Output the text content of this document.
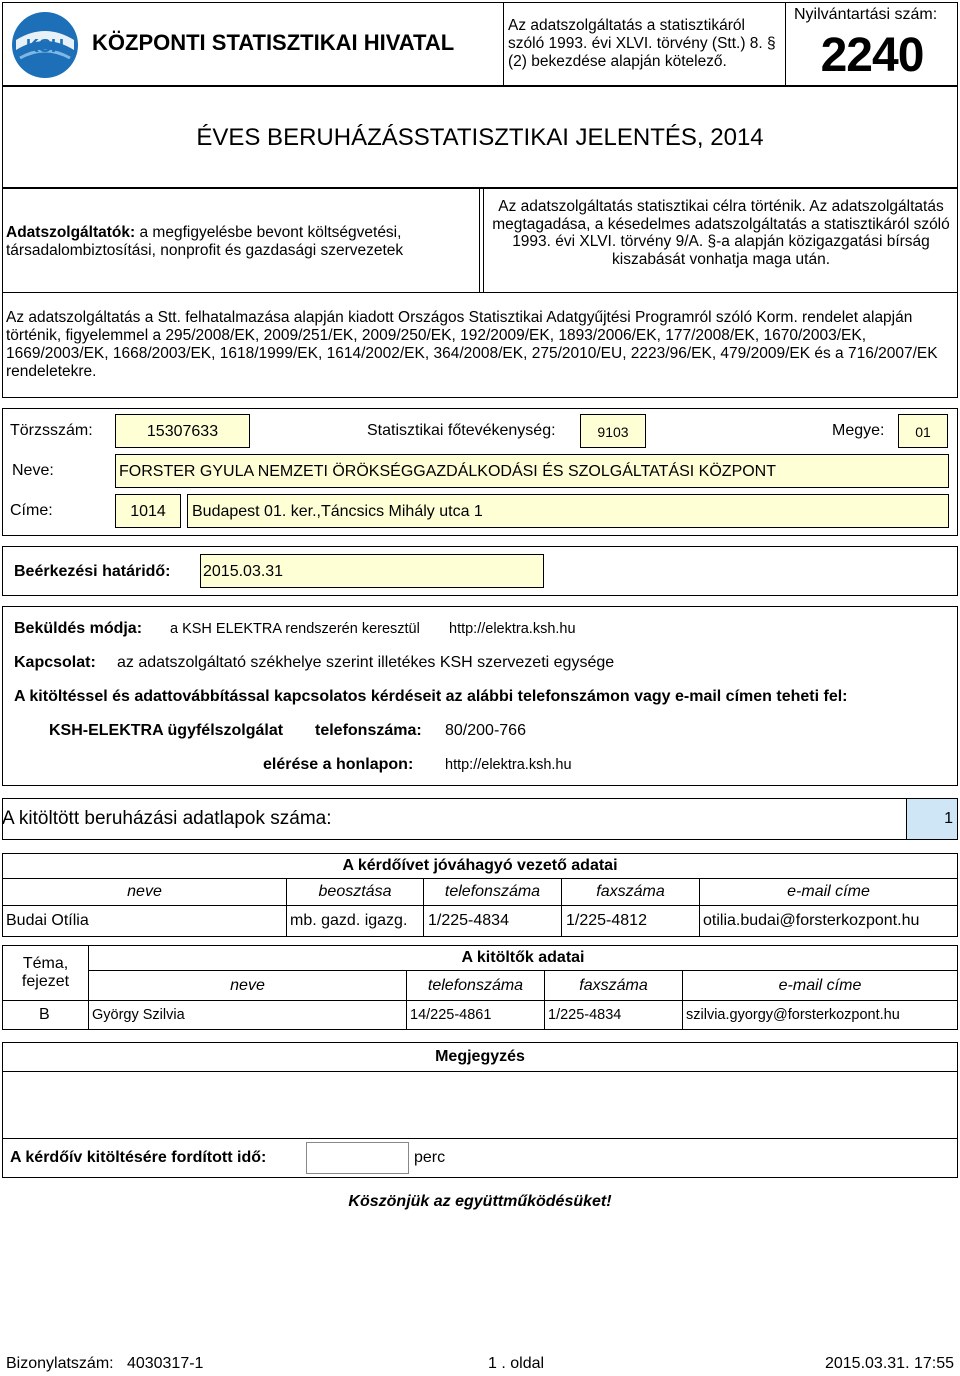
KSH KÖZPONTI STATISZTIKAI HIVATAL
Az adatszolgáltatás a statisztikáról szóló 1993. évi XLVI. törvény (Stt.) 8. § (2) bekezdése alapján kötelező.
Nyilvántartási szám:
2240
ÉVES BERUHÁZÁSSTATISZTIKAI JELENTÉS, 2014
Adatszolgáltatók: a megfigyelésbe bevont költségvetési, társadalombiztosítási, nonprofit és gazdasági szervezetek
Az adatszolgáltatás statisztikai célra történik. Az adatszolgáltatás megtagadása, a késedelmes adatszolgáltatás a statisztikáról szóló 1993. évi XLVI. törvény 9/A. §-a alapján közigazgatási bírság kiszabását vonhatja maga után.
Az adatszolgáltatás a Stt. felhatalmazása alapján kiadott Országos Statisztikai Adatgyűjtési Programról szóló Korm. rendelet alapján történik, figyelemmel a 295/2008/EK, 2009/251/EK, 2009/250/EK, 192/2009/EK, 1893/2006/EK, 177/2008/EK, 1670/2003/EK, 1669/2003/EK, 1668/2003/EK, 1618/1999/EK, 1614/2002/EK, 364/2008/EK, 275/2010/EU, 2223/96/EK, 479/2009/EK és a 716/2007/EK rendeletekre.
Törzsszám:	15307633	Statisztikai főtevékenység:	9103	Megye:	01
Neve:	FORSTER GYULA NEMZETI ÖRÖKSÉGGAZDÁLKODÁSI ÉS SZOLGÁLTATÁSI KÖZPONT
Címe:	1014	Budapest 01. ker.,Táncsics Mihály utca 1
Beérkezési határidő: 2015.03.31
Beküldés módja: a KSH ELEKTRA rendszerén keresztül http://elektra.ksh.hu
Kapcsolat: az adatszolgáltató székhelye szerint illetékes KSH szervezeti egysége
A kitöltéssel és adattovábbítással kapcsolatos kérdéseit az alábbi telefonszámon vagy e-mail címen teheti fel:
KSH-ELEKTRA ügyfélszolgálat telefonszáma: 80/200-766
elérése a honlapon: http://elektra.ksh.hu
A kitöltött beruházási adatlapok száma:	1
A kérdőívet jóváhagyó vezető adatai
neve	beosztása	telefonszáma	faxszáma	e-mail címe
Budai Otília	mb. gazd. igazg.	1/225-4834	1/225-4812	otilia.budai@forsterkozpont.hu
Téma, fejezet
A kitöltők adatai
neve	telefonszáma	faxszáma	e-mail címe
B	György Szilvia	14/225-4861	1/225-4834	szilvia.gyorgy@forsterkozpont.hu
Megjegyzés
A kérdőív kitöltésére fordított idő:	perc
Köszönjük az együttműködésüket!
Bizonylatszám: 4030317-1	1 . oldal	2015.03.31. 17:55
